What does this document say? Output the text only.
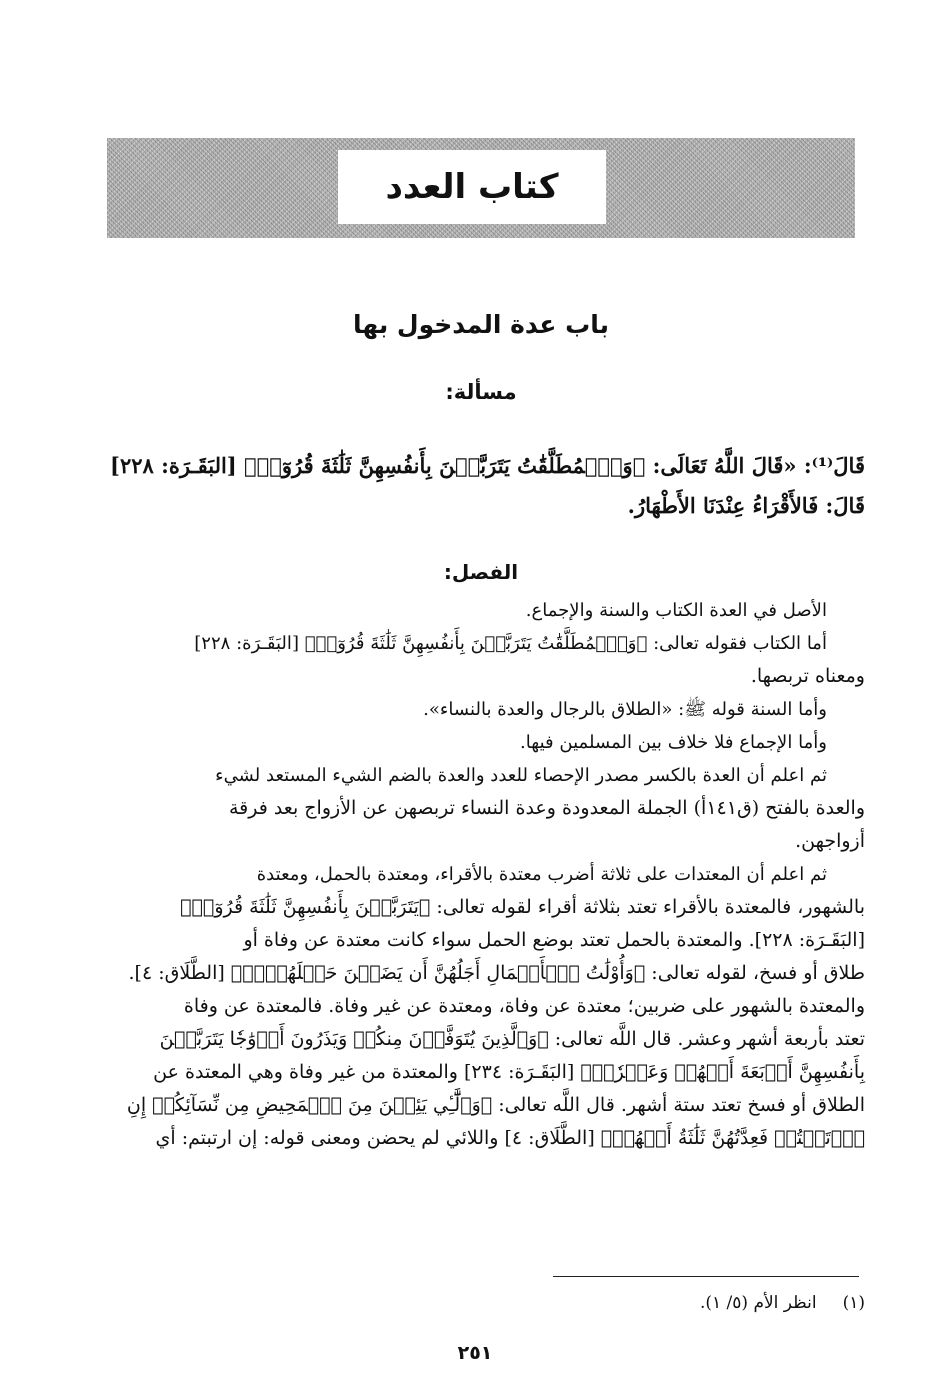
كتاب العدد
باب عدة المدخول بها
مسألة:
قَالَ⁽¹⁾: «قَالَ اللَّهُ تَعَالَى: ﴿وَٱلۡمُطَلَّقَٰتُ يَتَرَبَّصۡنَ بِأَنفُسِهِنَّ ثَلَٰثَةَ قُرُوٓءٖ﴾ [البَقَـرَة: ٢٢٨]
قَالَ: فَالأَقْرَاءُ عِنْدَنَا الأَطْهَارُ.
الفصل:
الأصل في العدة الكتاب والسنة والإجماع.
أما الكتاب فقوله تعالى: ﴿وَٱلۡمُطَلَّقَٰتُ يَتَرَبَّصۡنَ بِأَنفُسِهِنَّ ثَلَٰثَةَ قُرُوٓءٖ﴾ [البَقَـرَة: ٢٢٨]
ومعناه تربصها.
وأما السنة قوله ﷺ: «الطلاق بالرجال والعدة بالنساء».
وأما الإجماع فلا خلاف بين المسلمين فيها.
ثم اعلم أن العدة بالكسر مصدر الإحصاء للعدد والعدة بالضم الشيء المستعد لشيء
والعدة بالفتح (ق١٤١أ) الجملة المعدودة وعدة النساء تربصهن عن الأزواج بعد فرقة
أزواجهن.
ثم اعلم أن المعتدات على ثلاثة أضرب معتدة بالأقراء، ومعتدة بالحمل، ومعتدة
بالشهور، فالمعتدة بالأقراء تعتد بثلاثة أقراء لقوله تعالى: ﴿يَتَرَبَّصۡنَ بِأَنفُسِهِنَّ ثَلَٰثَةَ قُرُوٓءٖ﴾
[البَقَـرَة: ٢٢٨]. والمعتدة بالحمل تعتد بوضع الحمل سواء كانت معتدة عن وفاة أو
طلاق أو فسخ، لقوله تعالى: ﴿وَأُوْلَٰتُ ٱلۡأَحۡمَالِ أَجَلُهُنَّ أَن يَضَعۡنَ حَمۡلَهُنَّۚ﴾ [الطَّلَاق: ٤].
والمعتدة بالشهور على ضربين؛ معتدة عن وفاة، ومعتدة عن غير وفاة. فالمعتدة عن وفاة
تعتد بأربعة أشهر وعشر. قال اللَّه تعالى: ﴿وَٱلَّذِينَ يُتَوَفَّوۡنَ مِنكُمۡ وَيَذَرُونَ أَزۡوَٰجٗا يَتَرَبَّصۡنَ
بِأَنفُسِهِنَّ أَرۡبَعَةَ أَشۡهُرٖ وَعَشۡرٗاۖ﴾ [البَقَـرَة: ٢٣٤] والمعتدة من غير وفاة وهي المعتدة عن
الطلاق أو فسخ تعتد ستة أشهر. قال اللَّه تعالى: ﴿وَٱلَّٰٓـِٔي يَئِسۡنَ مِنَ ٱلۡمَحِيضِ مِن نِّسَآئِكُمۡ إِنِ
ٱرۡتَبۡتُمۡ فَعِدَّتُهُنَّ ثَلَٰثَةُ أَشۡهُرٖ﴾ [الطَّلَاق: ٤] واللائي لم يحضن ومعنى قوله: إن ارتبتم: أي
(١)انظر الأم (٥/ ١).
٢٥١
